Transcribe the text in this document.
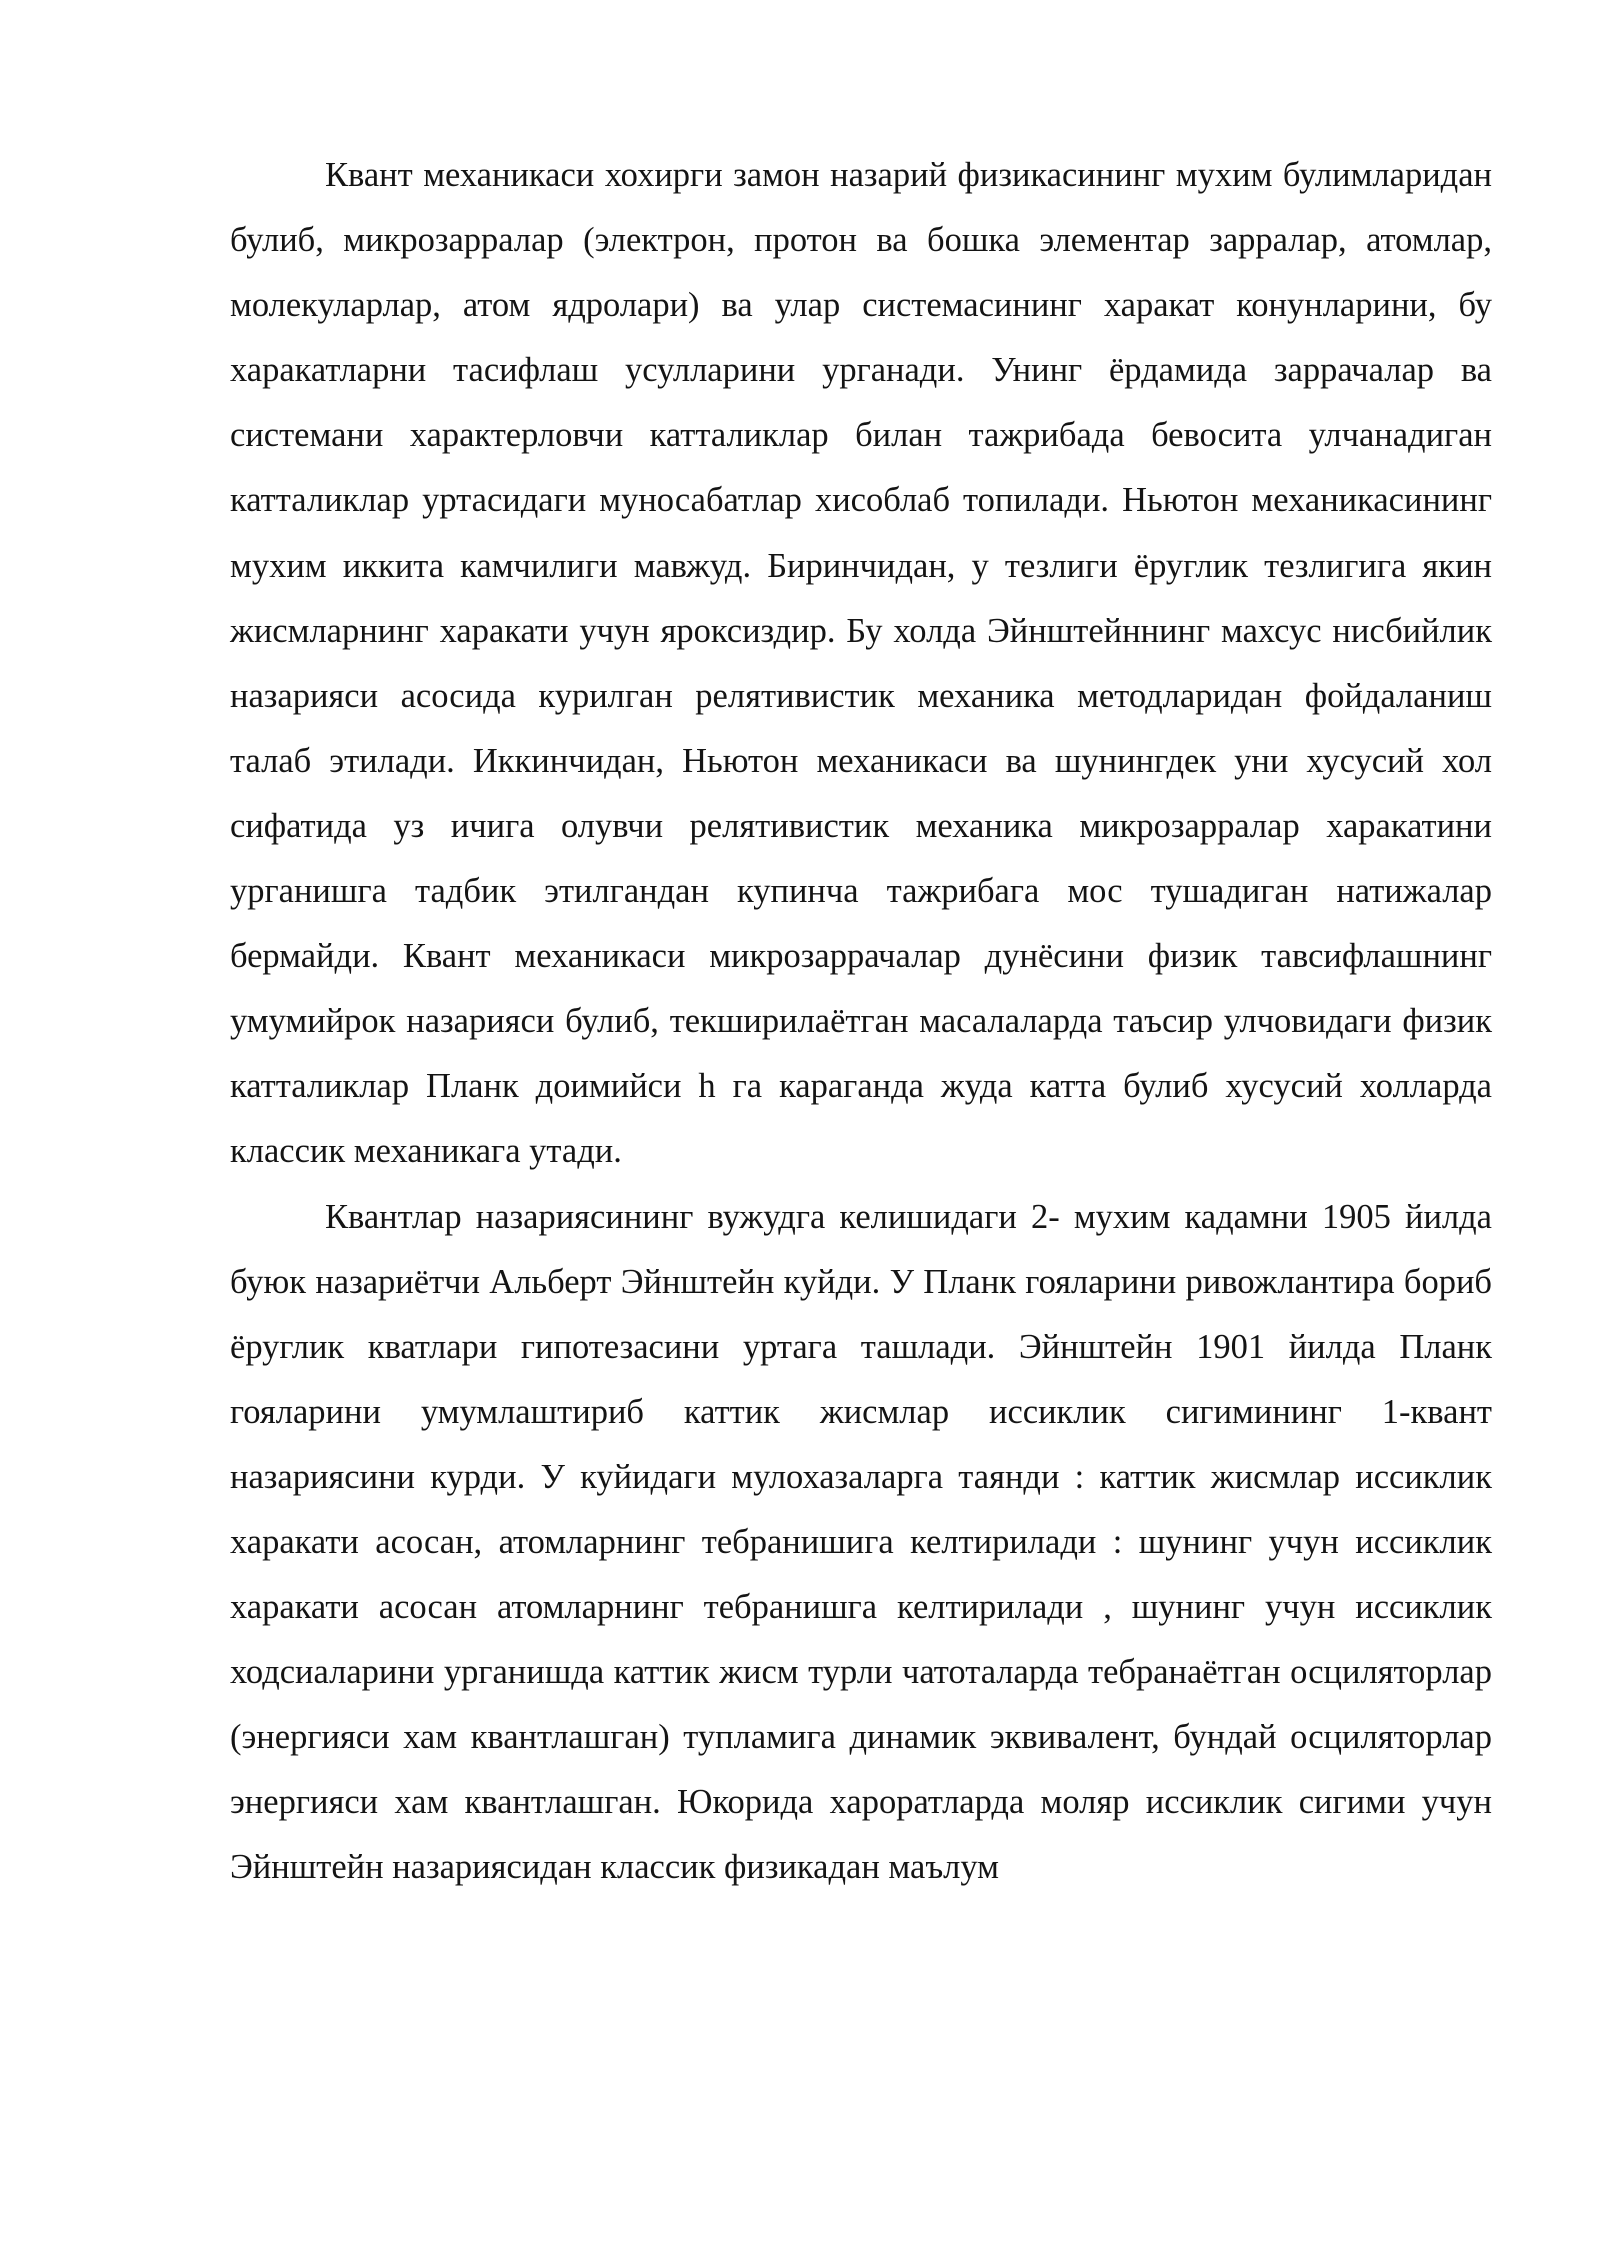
Квант механикаси хохирги замон назарий физикасининг мухим булимларидан булиб, микрозарралар (электрон, протон ва бошка элементар зарралар, атомлар, молекуларлар, атом ядролари) ва улар системасининг харакат конунларини, бу харакатларни тасифлаш усулларини урганади. Унинг ёрдамида заррачалар ва системани характерловчи катталиклар билан тажрибада бевосита улчанадиган катталиклар уртасидаги муносабатлар хисоблаб топилади. Ньютон механикасининг мухим иккита камчилиги мавжуд. Биринчидан, у тезлиги ёруглик тезлигига якин жисмларнинг харакати учун яроксиздир. Бу холда Эйнштейннинг махсус нисбийлик назарияси асосида курилган релятивистик механика методларидан фойдаланиш талаб этилади. Иккинчидан, Ньютон механикаси ва шунингдек уни хусусий хол сифатида уз ичига олувчи релятивистик механика микрозарралар харакатини урганишга тадбик этилгандан купинча тажрибага мос тушадиган натижалар бермайди. Квант механикаси микрозаррачалар дунёсини физик тавсифлашнинг умумийрок назарияси булиб, текширилаётган масалаларда таъсир улчовидаги физик катталиклар Планк доимийси h га караганда жуда катта булиб хусусий холларда классик механикага утади.

Квантлар назариясининг вужудга келишидаги 2- мухим кадамни 1905 йилда буюк назариётчи Альберт Эйнштейн куйди. У Планк гояларини ривожлантира бориб ёруглик кватлари гипотезасини уртага ташлади. Эйнштейн 1901 йилда Планк гояларини умумлаштириб каттик жисмлар иссиклик сигимининг 1-квант назариясини курди. У куйидаги мулохазаларга таянди : каттик жисмлар иссиклик харакати асосан, атомларнинг тебранишига келтирилади : шунинг учун иссиклик харакати асосан атомларнинг тебранишга келтирилади , шунинг учун иссиклик ходсиаларини урганишда каттик жисм турли чатоталарда тебранаётган осциляторлар (энергияси хам квантлашган) тупламига динамик эквивалент, бундай осциляторлар энергияси хам квантлашган. Юкорида хароратларда моляр иссиклик сигими учун Эйнштейн назариясидан классик физикадан маълум
